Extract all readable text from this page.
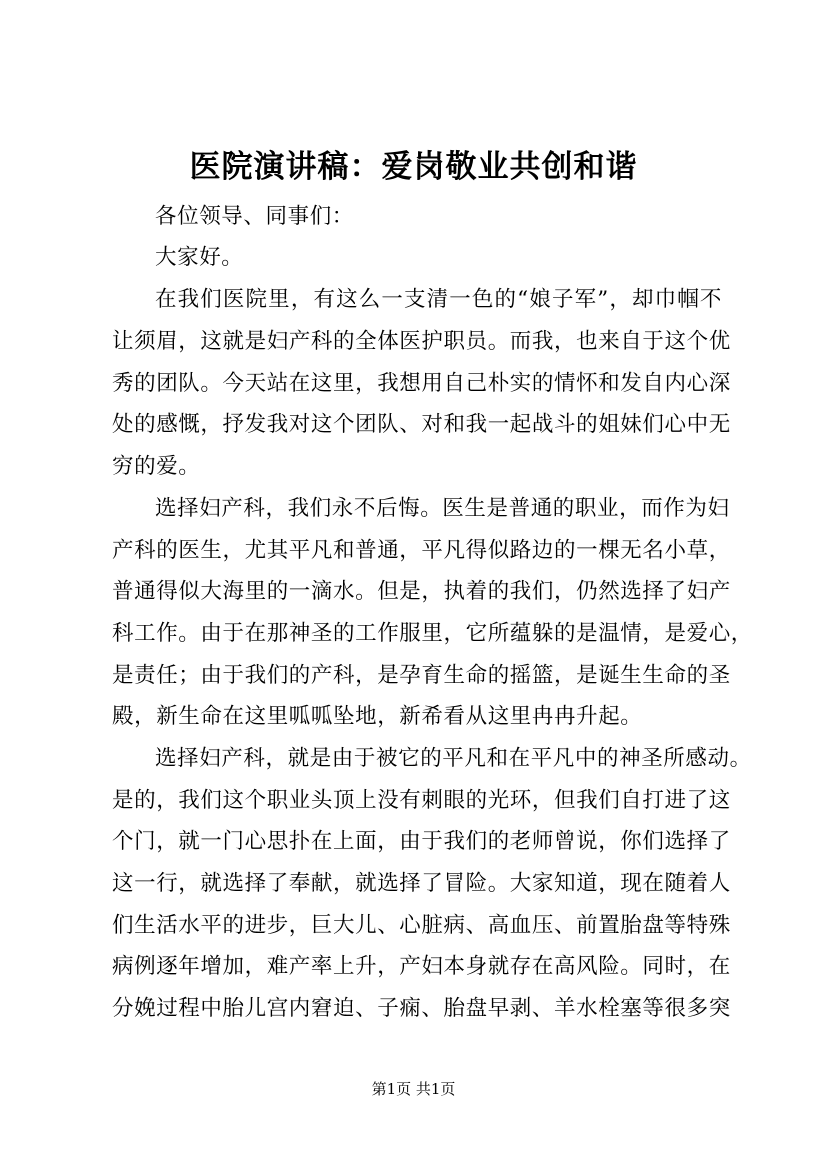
医院演讲稿：爱岗敬业共创和谐
各位领导、同事们：
大家好。
在我们医院里，有这么一支清一色的“娘子军”，却巾帼不
让须眉，这就是妇产科的全体医护职员。而我，也来自于这个优
秀的团队。今天站在这里，我想用自己朴实的情怀和发自内心深
处的感慨，抒发我对这个团队、对和我一起战斗的姐妹们心中无
穷的爱。
选择妇产科，我们永不后悔。医生是普通的职业，而作为妇
产科的医生，尤其平凡和普通，平凡得似路边的一棵无名小草，
普通得似大海里的一滴水。但是，执着的我们，仍然选择了妇产
科工作。由于在那神圣的工作服里，它所蕴躲的是温情，是爱心，
是责任；由于我们的产科，是孕育生命的摇篮，是诞生生命的圣
殿，新生命在这里呱呱坠地，新希看从这里冉冉升起。
选择妇产科，就是由于被它的平凡和在平凡中的神圣所感动。
是的，我们这个职业头顶上没有刺眼的光环，但我们自打进了这
个门，就一门心思扑在上面，由于我们的老师曾说，你们选择了
这一行，就选择了奉献，就选择了冒险。大家知道，现在随着人
们生活水平的进步，巨大儿、心脏病、高血压、前置胎盘等特殊
病例逐年增加，难产率上升，产妇本身就存在高风险。同时，在
分娩过程中胎儿宫内窘迫、子痫、胎盘早剥、羊水栓塞等很多突
第1页 共1页
